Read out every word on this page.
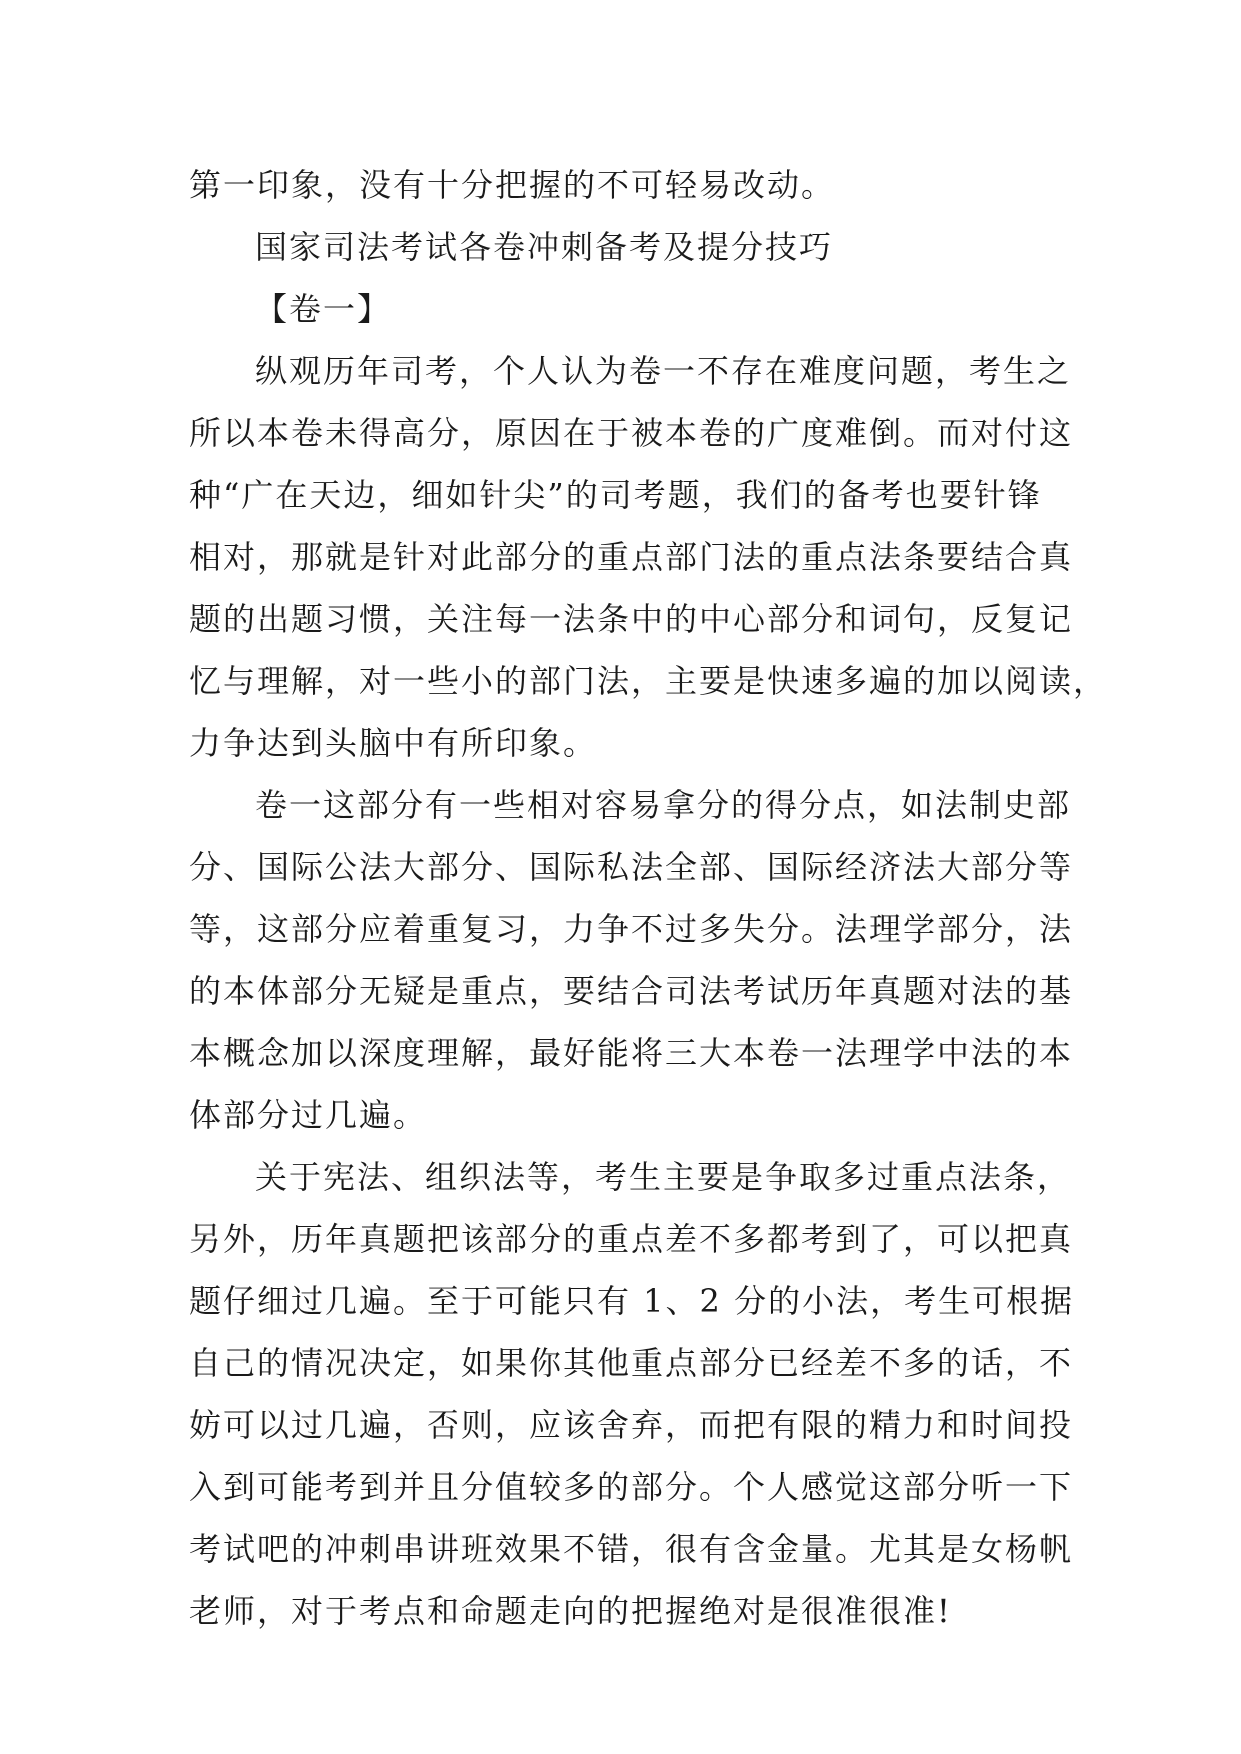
第一印象，没有十分把握的不可轻易改动。
国家司法考试各卷冲刺备考及提分技巧
【卷一】
纵观历年司考，个人认为卷一不存在难度问题，考生之
所以本卷未得高分，原因在于被本卷的广度难倒。而对付这
种“广在天边，细如针尖”的司考题，我们的备考也要针锋
相对，那就是针对此部分的重点部门法的重点法条要结合真
题的出题习惯，关注每一法条中的中心部分和词句，反复记
忆与理解，对一些小的部门法，主要是快速多遍的加以阅读，
力争达到头脑中有所印象。
卷一这部分有一些相对容易拿分的得分点，如法制史部
分、国际公法大部分、国际私法全部、国际经济法大部分等
等，这部分应着重复习，力争不过多失分。法理学部分，法
的本体部分无疑是重点，要结合司法考试历年真题对法的基
本概念加以深度理解，最好能将三大本卷一法理学中法的本
体部分过几遍。
关于宪法、组织法等，考生主要是争取多过重点法条，
另外，历年真题把该部分的重点差不多都考到了，可以把真
题仔细过几遍。至于可能只有 1、2 分的小法，考生可根据
自己的情况决定，如果你其他重点部分已经差不多的话，不
妨可以过几遍，否则，应该舍弃，而把有限的精力和时间投
入到可能考到并且分值较多的部分。个人感觉这部分听一下
考试吧的冲刺串讲班效果不错，很有含金量。尤其是女杨帆
老师，对于考点和命题走向的把握绝对是很准很准!
